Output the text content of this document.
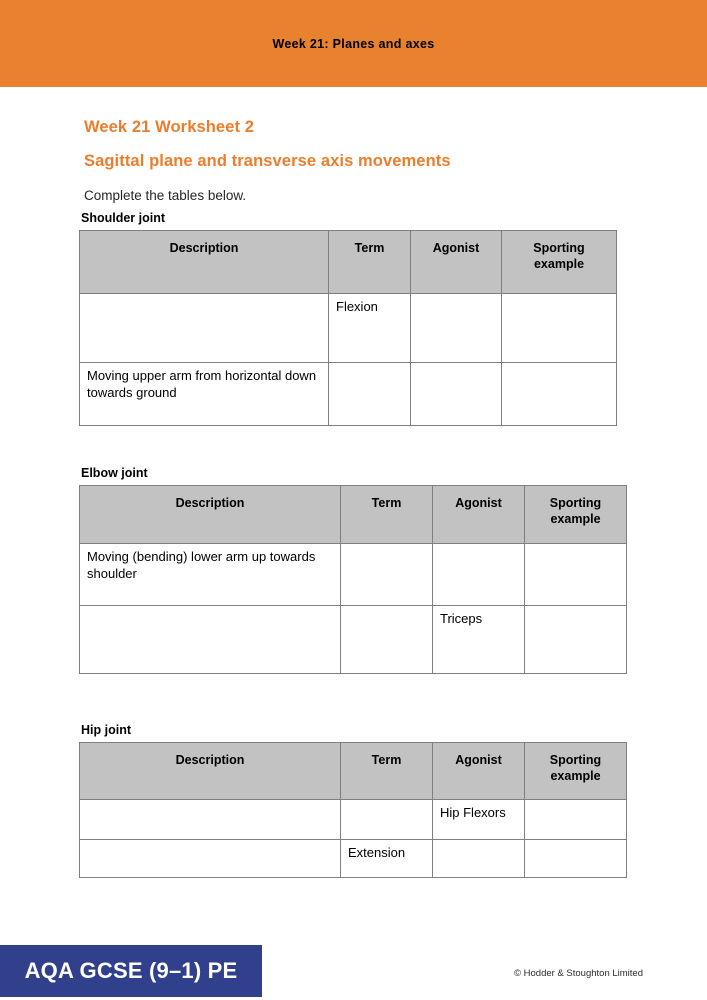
Week 21: Planes and axes
Week 21 Worksheet 2
Sagittal plane and transverse axis movements
Complete the tables below.
Shoulder joint
Description	Term	Agonist	Sporting example
	Flexion		
Moving upper arm from horizontal down towards ground			
Elbow joint
Description	Term	Agonist	Sporting example
Moving (bending) lower arm up towards shoulder			
		Triceps	
Hip joint
Description	Term	Agonist	Sporting example
		Hip Flexors	
	Extension		
AQA GCSE (9–1) PE	© Hodder & Stoughton Limited
